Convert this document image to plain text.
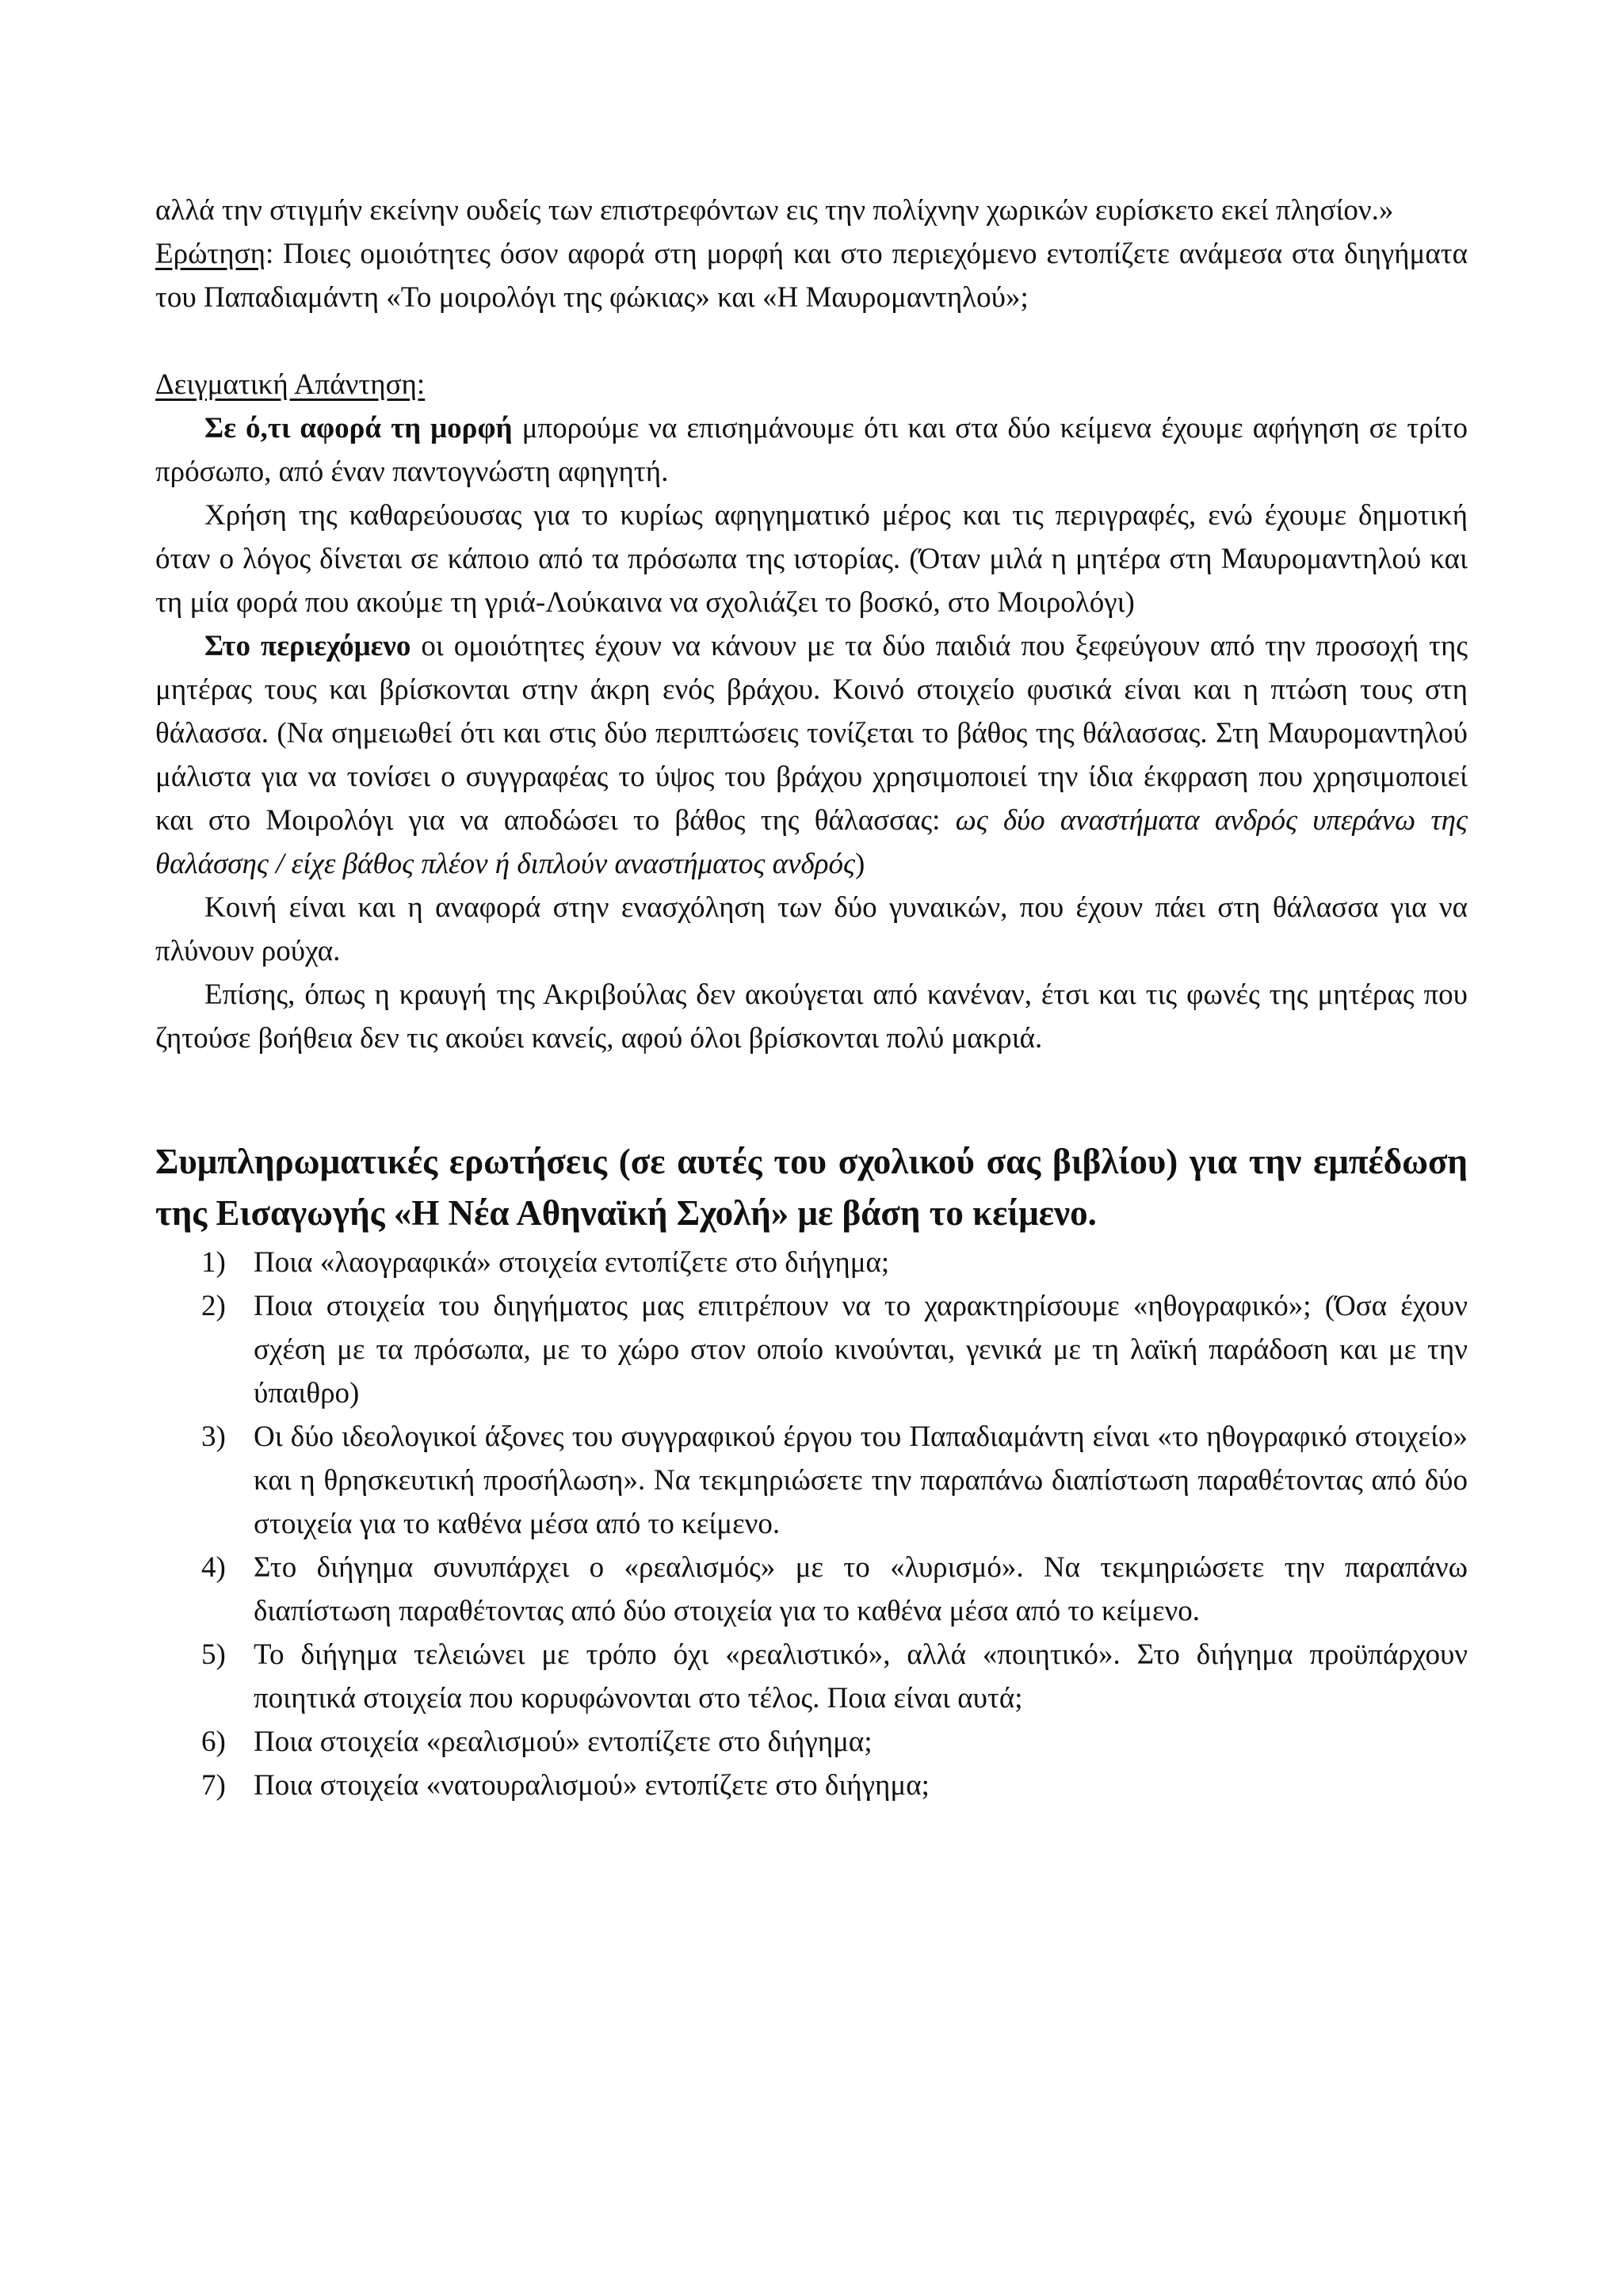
αλλά την στιγμήν εκείνην ουδείς των επιστρεφόντων εις την πολίχνην χωρικών ευρίσκετο εκεί πλησίον.»

Ερώτηση: Ποιες ομοιότητες όσον αφορά στη μορφή και στο περιεχόμενο εντοπίζετε ανάμεσα στα διηγήματα του Παπαδιαμάντη «Το μοιρολόγι της φώκιας» και «Η Μαυρομαντηλού»;

Δειγματική Απάντηση:

Σε ό,τι αφορά τη μορφή μπορούμε να επισημάνουμε ότι και στα δύο κείμενα έχουμε αφήγηση σε τρίτο πρόσωπο, από έναν παντογνώστη αφηγητή.

Χρήση της καθαρεύουσας για το κυρίως αφηγηματικό μέρος και τις περιγραφές, ενώ έχουμε δημοτική όταν ο λόγος δίνεται σε κάποιο από τα πρόσωπα της ιστορίας. (Όταν μιλά η μητέρα στη Μαυρομαντηλού και τη μία φορά που ακούμε τη γριά-Λούκαινα να σχολιάζει το βοσκό, στο Μοιρολόγι)

Στο περιεχόμενο οι ομοιότητες έχουν να κάνουν με τα δύο παιδιά που ξεφεύγουν από την προσοχή της μητέρας τους και βρίσκονται στην άκρη ενός βράχου. Κοινό στοιχείο φυσικά είναι και η πτώση τους στη θάλασσα. (Να σημειωθεί ότι και στις δύο περιπτώσεις τονίζεται το βάθος της θάλασσας. Στη Μαυρομαντηλού μάλιστα για να τονίσει ο συγγραφέας το ύψος του βράχου χρησιμοποιεί την ίδια έκφραση που χρησιμοποιεί και στο Μοιρολόγι για να αποδώσει το βάθος της θάλασσας: ως δύο αναστήματα ανδρός υπεράνω της θαλάσσης / είχε βάθος πλέον ή διπλούν αναστήματος ανδρός)

Κοινή είναι και η αναφορά στην ενασχόληση των δύο γυναικών, που έχουν πάει στη θάλασσα για να πλύνουν ρούχα.

Επίσης, όπως η κραυγή της Ακριβούλας δεν ακούγεται από κανέναν, έτσι και τις φωνές της μητέρας που ζητούσε βοήθεια δεν τις ακούει κανείς, αφού όλοι βρίσκονται πολύ μακριά.

Συμπληρωματικές ερωτήσεις (σε αυτές του σχολικού σας βιβλίου) για την εμπέδωση της Εισαγωγής «Η Νέα Αθηναϊκή Σχολή» με βάση το κείμενο.

1) Ποια «λαογραφικά» στοιχεία εντοπίζετε στο διήγημα;
2) Ποια στοιχεία του διηγήματος μας επιτρέπουν να το χαρακτηρίσουμε «ηθογραφικό»; (Όσα έχουν σχέση με τα πρόσωπα, με το χώρο στον οποίο κινούνται, γενικά με τη λαϊκή παράδοση και με την ύπαιθρο)
3) Οι δύο ιδεολογικοί άξονες του συγγραφικού έργου του Παπαδιαμάντη είναι «το ηθογραφικό στοιχείο» και η θρησκευτική προσήλωση». Να τεκμηριώσετε την παραπάνω διαπίστωση παραθέτοντας από δύο στοιχεία για το καθένα μέσα από το κείμενο.
4) Στο διήγημα συνυπάρχει ο «ρεαλισμός» με το «λυρισμό». Να τεκμηριώσετε την παραπάνω διαπίστωση παραθέτοντας από δύο στοιχεία για το καθένα μέσα από το κείμενο.
5) Το διήγημα τελειώνει με τρόπο όχι «ρεαλιστικό», αλλά «ποιητικό». Στο διήγημα προϋπάρχουν ποιητικά στοιχεία που κορυφώνονται στο τέλος. Ποια είναι αυτά;
6) Ποια στοιχεία «ρεαλισμού» εντοπίζετε στο διήγημα;
7) Ποια στοιχεία «νατουραλισμού» εντοπίζετε στο διήγημα;
